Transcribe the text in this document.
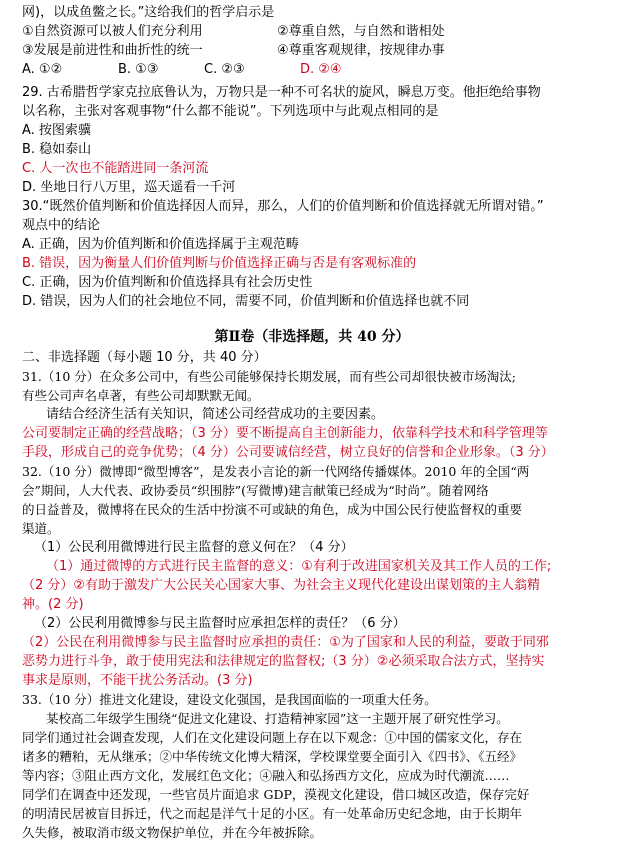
网)，以成鱼鳖之长。”这给我们的哲学启示是
①自然资源可以被人们充分利用	②尊重自然，与自然和谐相处
③发展是前进性和曲折性的统一	④尊重客观规律，按规律办事
A. ①②	B. ①③	C. ②③	D. ②④
29. 古希腊哲学家克拉底鲁认为，万物只是一种不可名状的旋风，瞬息万变。他拒绝给事物
以名称，主张对客观事物“什么都不能说”。下列选项中与此观点相同的是
A. 按图索骥
B. 稳如泰山
C. 人一次也不能踏进同一条河流
D. 坐地日行八万里，巡天遥看一千河
30.“既然价值判断和价值选择因人而异，那么，人们的价值判断和价值选择就无所谓对错。”
观点中的结论
A. 正确，因为价值判断和价值选择属于主观范畴
B. 错误，因为衡量人们价值判断与价值选择正确与否是有客观标准的
C. 正确，因为价值判断和价值选择具有社会历史性
D. 错误，因为人们的社会地位不同，需要不同，价值判断和价值选择也就不同
第Ⅱ卷（非选择题，共 40 分）
二、非选择题（每小题 10 分，共 40 分）
31.（10 分）在众多公司中，有些公司能够保持长期发展，而有些公司却很快被市场淘汰;
有些公司声名卓著，有些公司却默默无闻。
请结合经济生活有关知识，简述公司经营成功的主要因素。
公司要制定正确的经营战略；（3 分）要不断提高自主创新能力，依靠科学技术和科学管理等
手段，形成自己的竞争优势；（4 分）公司要诚信经营，树立良好的信誉和企业形象。（3 分）
32.（10 分）微博即“微型博客”，是发表小言论的新一代网络传播媒体。2010 年的全国“两
会”期间，人大代表、政协委员“织围脖”(写微博)建言献策已经成为“时尚”。随着网络
的日益普及，微博将在民众的生活中扮演不可或缺的角色，成为中国公民行使监督权的重要
渠道。
（1）公民利用微博进行民主监督的意义何在？（4 分）
（1）通过微博的方式进行民主监督的意义：①有利于改进国家机关及其工作人员的工作;
（2 分）②有助于激发广大公民关心国家大事、为社会主义现代化建设出谋划策的主人翁精
神。(2 分)
（2）公民利用微博参与民主监督时应承担怎样的责任？（6 分）
（2）公民在利用微博参与民主监督时应承担的责任：①为了国家和人民的利益，要敢于同邪
恶势力进行斗争，敢于使用宪法和法律规定的监督权;（3 分）②必须采取合法方式，坚持实
事求是原则，不能干扰公务活动。(3 分)
33.（10 分）推进文化建设，建设文化强国，是我国面临的一项重大任务。
某校高二年级学生围绕“促进文化建设、打造精神家园”这一主题开展了研究性学习。
同学们通过社会调查发现，人们在文化建设问题上存在以下观念：①中国的儒家文化，存在
诸多的糟粕，无从继承；②中华传统文化博大精深，学校课堂要全面引入《四书》、《五经》
等内容；③阻止西方文化，发展红色文化；④融入和弘扬西方文化，应成为时代潮流……
同学们在调查中还发现，一些官员片面追求 GDP，漠视文化建设，借口城区改造，保存完好
的明清民居被盲目拆迁，代之而起是洋气十足的小区。有一处革命历史纪念地，由于长期年
久失修，被取消市级文物保护单位，并在今年被拆除。
